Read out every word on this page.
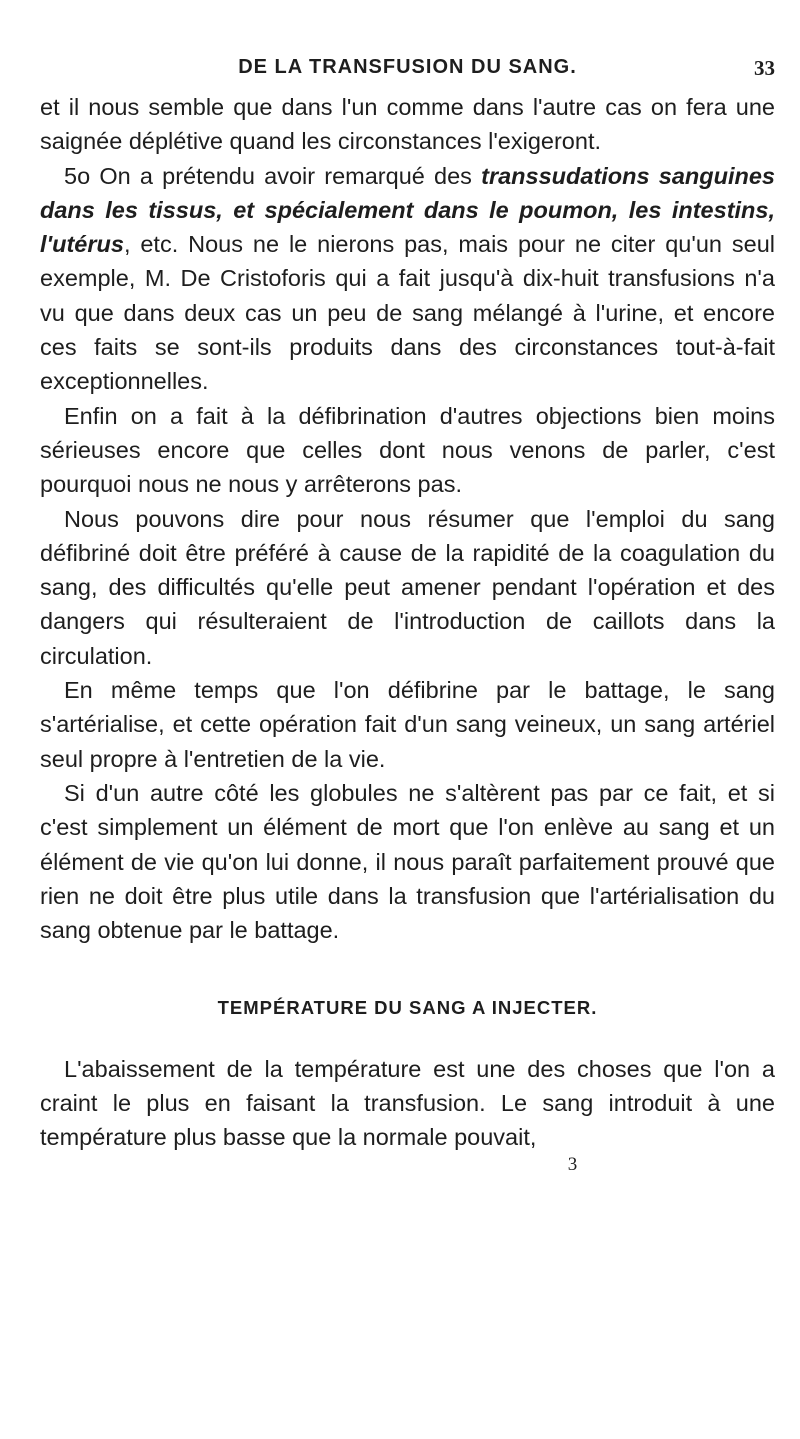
DE LA TRANSFUSION DU SANG.	33

et il nous semble que dans l'un comme dans l'autre cas on fera une saignée déplétive quand les circonstances l'exigeront.

5o On a prétendu avoir remarqué des transsudations sanguines dans les tissus, et spécialement dans le poumon, les intestins, l'utérus, etc. Nous ne le nierons pas, mais pour ne citer qu'un seul exemple, M. De Cristoforis qui a fait jusqu'à dix-huit transfusions n'a vu que dans deux cas un peu de sang mélangé à l'urine, et encore ces faits se sont-ils produits dans des circonstances tout-à-fait exceptionnelles.

Enfin on a fait à la défibrination d'autres objections bien moins sérieuses encore que celles dont nous venons de parler, c'est pourquoi nous ne nous y arrêterons pas.

Nous pouvons dire pour nous résumer que l'emploi du sang défibriné doit être préféré à cause de la rapidité de la coagulation du sang, des difficultés qu'elle peut amener pendant l'opération et des dangers qui résulteraient de l'introduction de caillots dans la circulation.

En même temps que l'on défibrine par le battage, le sang s'artérialise, et cette opération fait d'un sang veineux, un sang artériel seul propre à l'entretien de la vie.

Si d'un autre côté les globules ne s'altèrent pas par ce fait, et si c'est simplement un élément de mort que l'on enlève au sang et un élément de vie qu'on lui donne, il nous paraît parfaitement prouvé que rien ne doit être plus utile dans la transfusion que l'artérialisation du sang obtenue par le battage.

TEMPÉRATURE DU SANG A INJECTER.

L'abaissement de la température est une des choses que l'on a craint le plus en faisant la transfusion. Le sang introduit à une température plus basse que la normale pouvait,

3
